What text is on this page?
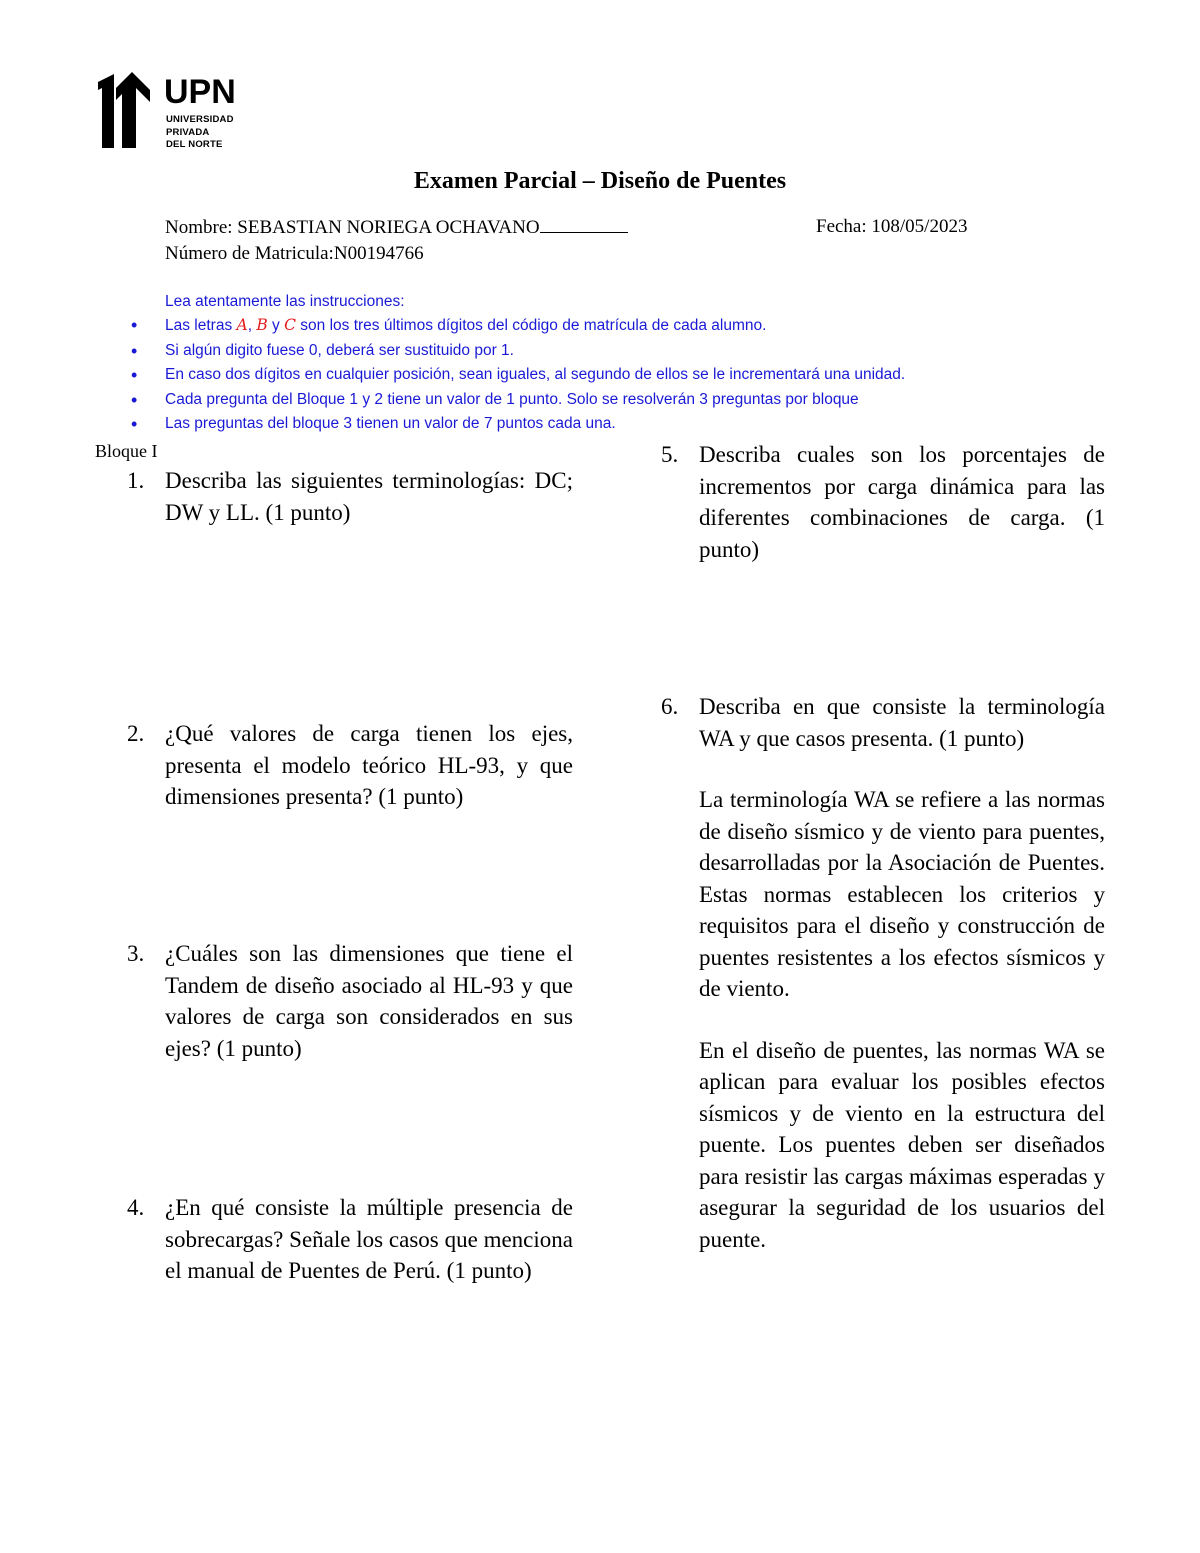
UPN
UNIVERSIDAD
PRIVADA
DEL NORTE
Examen Parcial – Diseño de Puentes
Nombre: SEBASTIAN NORIEGA OCHAVANO	Fecha: 108/05/2023
Número de Matricula:N00194766
Lea atentamente las instrucciones:
• Las letras A, B y C son los tres últimos dígitos del código de matrícula de cada alumno.
• Si algún digito fuese 0, deberá ser sustituido por 1.
• En caso dos dígitos en cualquier posición, sean iguales, al segundo de ellos se le incrementará una unidad.
• Cada pregunta del Bloque 1 y 2 tiene un valor de 1 punto. Solo se resolverán 3 preguntas por bloque
• Las preguntas del bloque 3 tienen un valor de 7 puntos cada una.
Bloque I
1. Describa las siguientes terminologías: DC; DW y LL. (1 punto)

2. ¿Qué valores de carga tienen los ejes, presenta el modelo teórico HL-93, y que dimensiones presenta? (1 punto)

3. ¿Cuáles son las dimensiones que tiene el Tandem de diseño asociado al HL-93 y que valores de carga son considerados en sus ejes? (1 punto)

4. ¿En qué consiste la múltiple presencia de sobrecargas? Señale los casos que menciona el manual de Puentes de Perú. (1 punto)

5. Describa cuales son los porcentajes de incrementos por carga dinámica para las diferentes combinaciones de carga. (1 punto)

6. Describa en que consiste la terminología WA y que casos presenta. (1 punto)

La terminología WA se refiere a las normas de diseño sísmico y de viento para puentes, desarrolladas por la Asociación de Puentes. Estas normas establecen los criterios y requisitos para el diseño y construcción de puentes resistentes a los efectos sísmicos y de viento.

En el diseño de puentes, las normas WA se aplican para evaluar los posibles efectos sísmicos y de viento en la estructura del puente. Los puentes deben ser diseñados para resistir las cargas máximas esperadas y asegurar la seguridad de los usuarios del puente.
